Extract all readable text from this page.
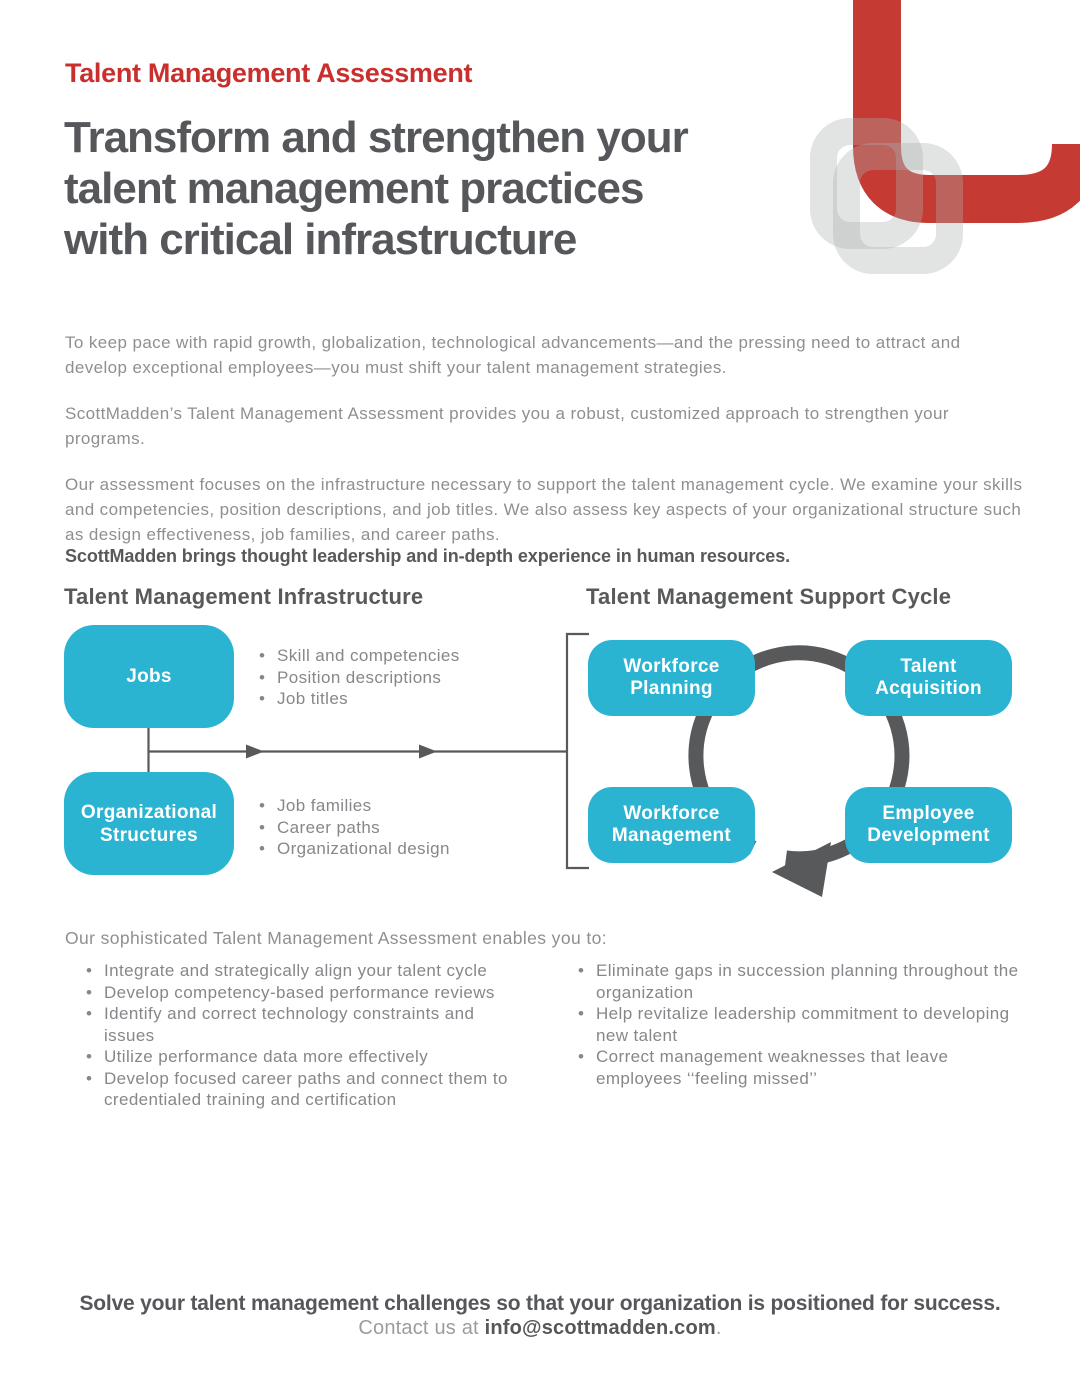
Talent Management Assessment
Transform and strengthen your
talent management practices
with critical infrastructure

To keep pace with rapid growth, globalization, technological advancements—and the pressing need to attract and develop exceptional employees—you must shift your talent management strategies.

ScottMadden’s Talent Management Assessment provides you a robust, customized approach to strengthen your programs.

Our assessment focuses on the infrastructure necessary to support the talent management cycle. We examine your skills and competencies, position descriptions, and job titles. We also assess key aspects of your organizational structure such as design effectiveness, job families, and career paths.

ScottMadden brings thought leadership and in-depth experience in human resources.

Talent Management Infrastructure	Talent Management Support Cycle
Jobs
• Skill and competencies
• Position descriptions
• Job titles
Organizational Structures
• Job families
• Career paths
• Organizational design
Workforce Planning
Talent Acquisition
Workforce Management
Employee Development

Our sophisticated Talent Management Assessment enables you to:

• Integrate and strategically align your talent cycle
• Develop competency-based performance reviews
• Identify and correct technology constraints and issues
• Utilize performance data more effectively
• Develop focused career paths and connect them to credentialed training and certification
• Eliminate gaps in succession planning throughout the organization
• Help revitalize leadership commitment to developing new talent
• Correct management weaknesses that leave employees ‘‘feeling missed’’
Solve your talent management challenges so that your organization is positioned for success.
Contact us at info@scottmadden.com.
